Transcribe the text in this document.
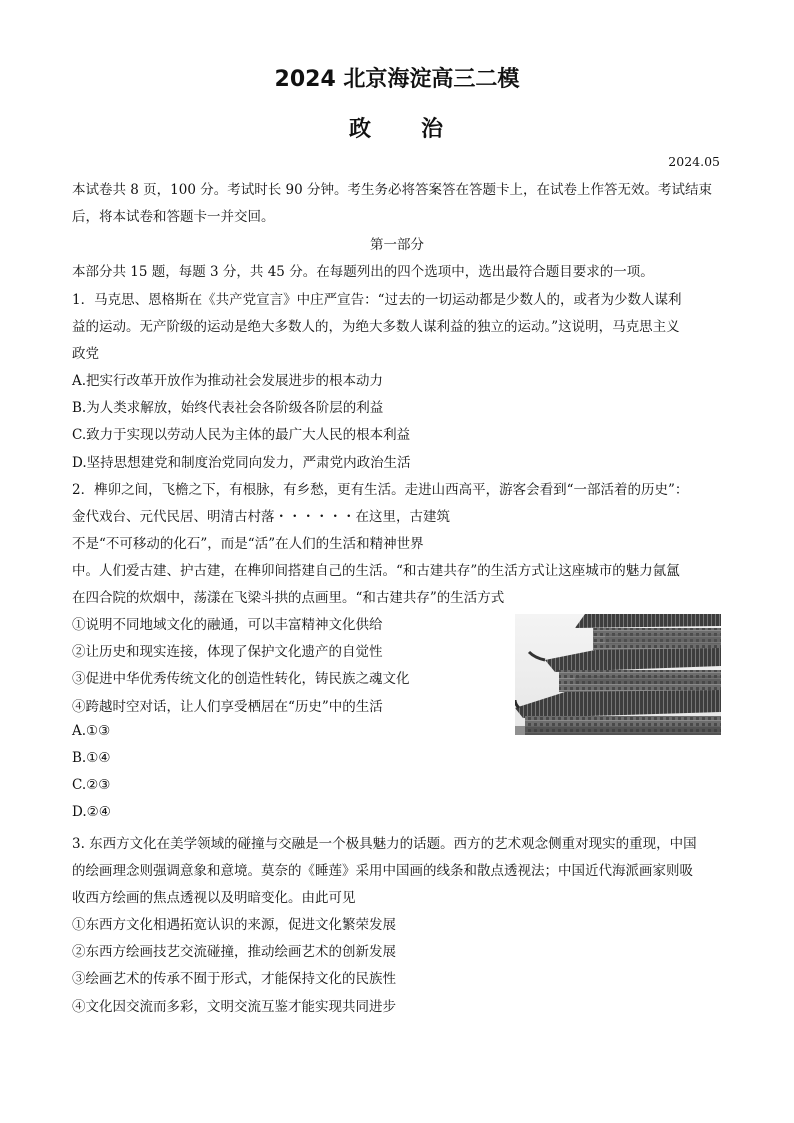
2024 北京海淀高三二模
政　　治
2024.05
本试卷共 8 页，100 分。考试时长 90 分钟。考生务必将答案答在答题卡上，在试卷上作答无效。考试结束
后，将本试卷和答题卡一并交回。
第一部分
本部分共 15 题，每题 3 分，共 45 分。在每题列出的四个选项中，选出最符合题目要求的一项。
1．马克思、恩格斯在《共产党宣言》中庄严宣告：“过去的一切运动都是少数人的，或者为少数人谋利
益的运动。无产阶级的运动是绝大多数人的，为绝大多数人谋利益的独立的运动。”这说明，马克思主义
政党
A.把实行改革开放作为推动社会发展进步的根本动力
B.为人类求解放，始终代表社会各阶级各阶层的利益
C.致力于实现以劳动人民为主体的最广大人民的根本利益
D.坚持思想建党和制度治党同向发力，严肃党内政治生活
2．榫卯之间，飞檐之下，有根脉，有乡愁，更有生活。走进山西高平，游客会看到“一部活着的历史”：
金代戏台、元代民居、明清古村落・・・・・・在这里，古建筑
不是“不可移动的化石”，而是“活”在人们的生活和精神世界
中。人们爱古建、护古建，在榫卯间搭建自己的生活。“和古建共存”的生活方式让这座城市的魅力氤氲
在四合院的炊烟中，荡漾在飞梁斗拱的点画里。“和古建共存”的生活方式
①说明不同地域文化的融通，可以丰富精神文化供给
②让历史和现实连接，体现了保护文化遗产的自觉性
③促进中华优秀传统文化的创造性转化，铸民族之魂文化
④跨越时空对话，让人们享受栖居在“历史”中的生活
A.①③
B.①④
C.②③
D.②④
3. 东西方文化在美学领域的碰撞与交融是一个极具魅力的话题。西方的艺术观念侧重对现实的重现，中国
的绘画理念则强调意象和意境。莫奈的《睡莲》采用中国画的线条和散点透视法；中国近代海派画家则吸
收西方绘画的焦点透视以及明暗变化。由此可见
①东西方文化相遇拓宽认识的来源，促进文化繁荣发展
②东西方绘画技艺交流碰撞，推动绘画艺术的创新发展
③绘画艺术的传承不囿于形式，才能保持文化的民族性
④文化因交流而多彩，文明交流互鉴才能实现共同进步
